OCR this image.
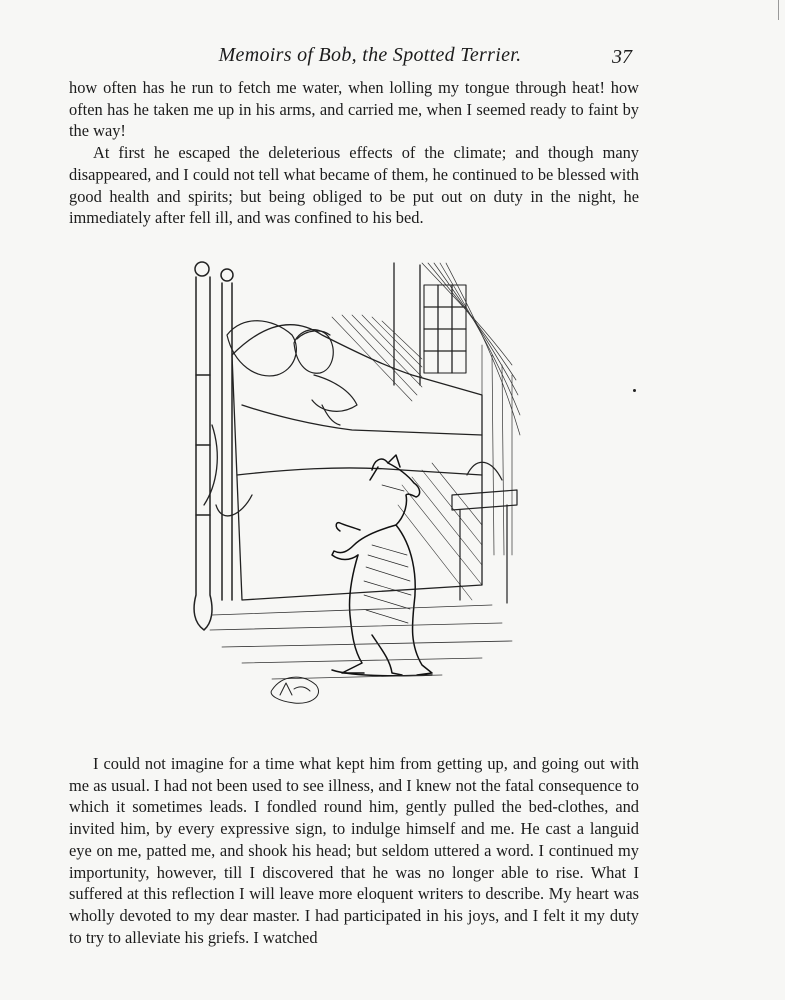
Memoirs of Bob, the Spotted Terrier.	37

how often has he run to fetch me water, when lolling my tongue through heat! how often has he taken me up in his arms, and carried me, when I seemed ready to faint by the way!

At first he escaped the deleterious effects of the climate; and though many disappeared, and I could not tell what became of them, he continued to be blessed with good health and spirits; but being obliged to be put out on duty in the night, he immediately after fell ill, and was confined to his bed.

I could not imagine for a time what kept him from getting up, and going out with me as usual. I had not been used to see illness, and I knew not the fatal consequence to which it sometimes leads. I fondled round him, gently pulled the bed-clothes, and invited him, by every expressive sign, to indulge himself and me. He cast a languid eye on me, patted me, and shook his head; but seldom uttered a word. I continued my importunity, however, till I discovered that he was no longer able to rise. What I suffered at this reflection I will leave more eloquent writers to describe. My heart was wholly devoted to my dear master. I had participated in his joys, and I felt it my duty to try to alleviate his griefs. I watched
